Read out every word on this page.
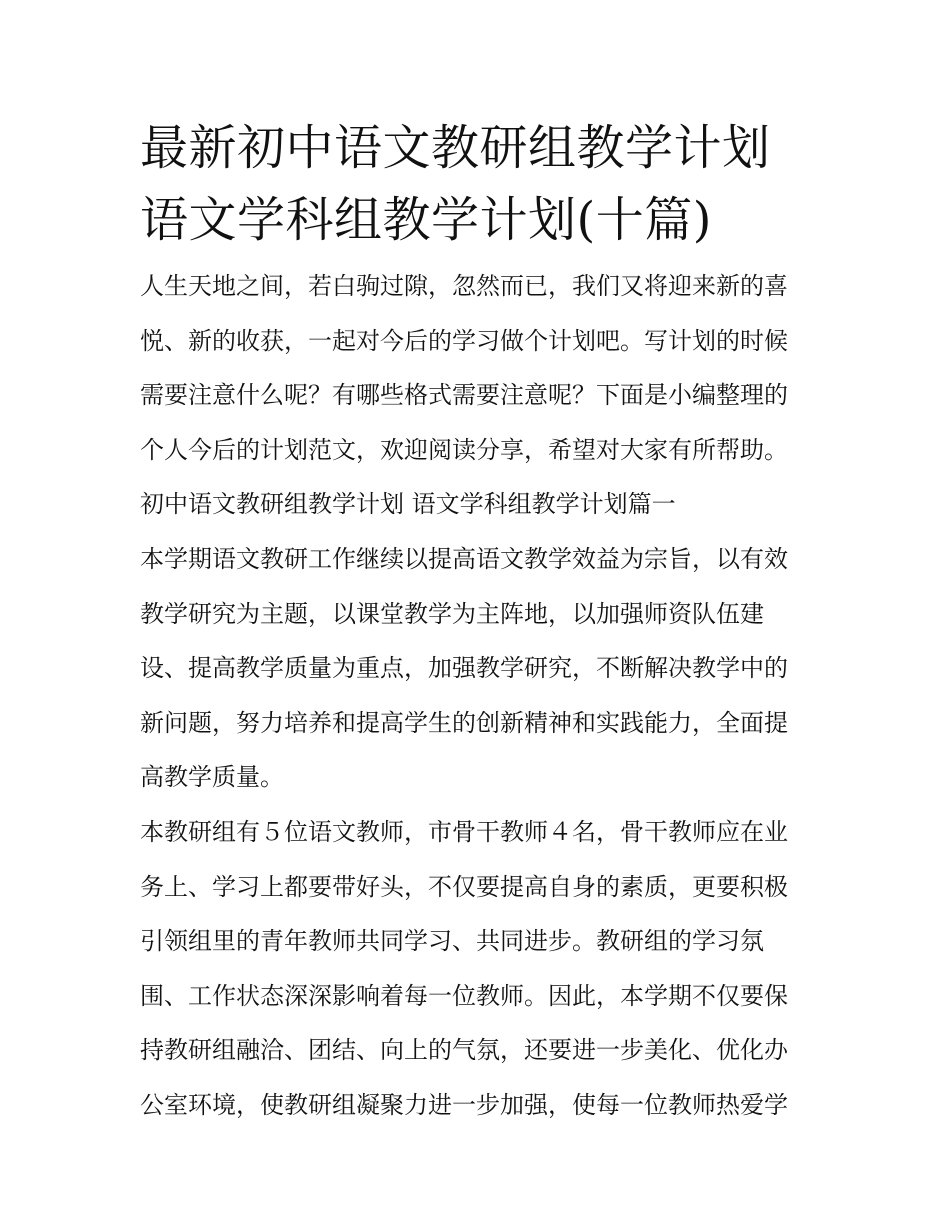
最新初中语文教研组教学计划
语文学科组教学计划(十篇)

人生天地之间，若白驹过隙，忽然而已，我们又将迎来新的喜
悦、新的收获，一起对今后的学习做个计划吧。写计划的时候
需要注意什么呢？有哪些格式需要注意呢？下面是小编整理的
个人今后的计划范文，欢迎阅读分享，希望对大家有所帮助。

初中语文教研组教学计划 语文学科组教学计划篇一

本学期语文教研工作继续以提高语文教学效益为宗旨，以有效
教学研究为主题，以课堂教学为主阵地，以加强师资队伍建
设、提高教学质量为重点，加强教学研究，不断解决教学中的
新问题，努力培养和提高学生的创新精神和实践能力，全面提
高教学质量。

本教研组有５位语文教师，市骨干教师４名，骨干教师应在业
务上、学习上都要带好头，不仅要提高自身的素质，更要积极
引领组里的青年教师共同学习、共同进步。教研组的学习氛
围、工作状态深深影响着每一位教师。因此，本学期不仅要保
持教研组融洽、团结、向上的气氛，还要进一步美化、优化办
公室环境，使教研组凝聚力进一步加强，使每一位教师热爱学
